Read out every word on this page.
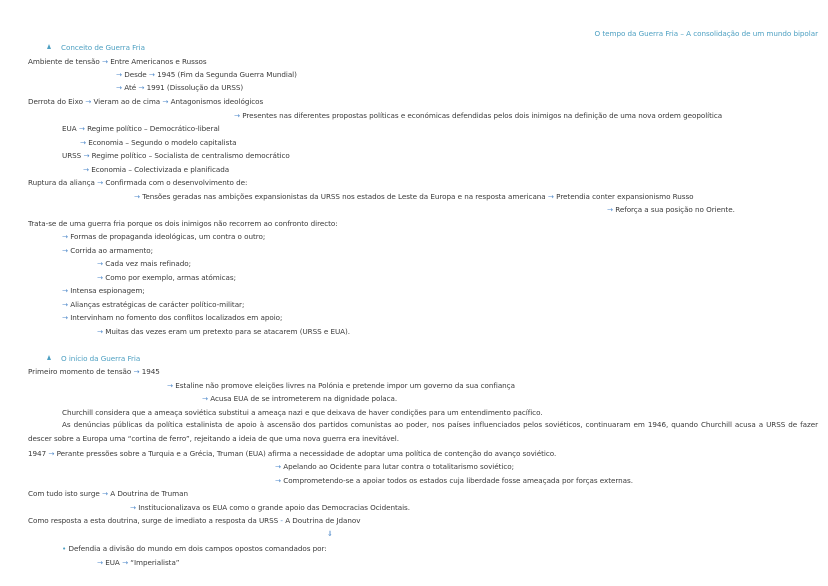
O tempo da Guerra Fria – A consolidação de um mundo bipolar
Conceito de Guerra Fria
Ambiente de tensão → Entre Americanos e Russos
→ Desde → 1945 (Fim da Segunda Guerra Mundial)
→ Até → 1991 (Dissolução da URSS)
Derrota do Eixo → Vieram ao de cima → Antagonismos ideológicos
→ Presentes nas diferentes propostas políticas e económicas defendidas pelos dois inimigos na definição de uma nova ordem geopolítica
EUA → Regime político – Democrático-liberal
→ Economia – Segundo o modelo capitalista
URSS → Regime político – Socialista de centralismo democrático
→ Economia – Colectivizada e planificada
Ruptura da aliança → Confirmada com o desenvolvimento de:
→ Tensões geradas nas ambições expansionistas da URSS nos estados de Leste da Europa e na resposta americana → Pretendia conter expansionismo Russo
→ Reforça a sua posição no Oriente.
Trata-se de uma guerra fria porque os dois inimigos não recorrem ao confronto directo:
→ Formas de propaganda ideológicas, um contra o outro;
→ Corrida ao armamento;
→ Cada vez mais refinado;
→ Como por exemplo, armas atómicas;
→ Intensa espionagem;
→ Alianças estratégicas de carácter político-militar;
→ Intervinham no fomento dos conflitos localizados em apoio;
→ Muitas das vezes eram um pretexto para se atacarem (URSS e EUA).
O início da Guerra Fria
Primeiro momento de tensão → 1945
→ Estaline não promove eleições livres na Polónia e pretende impor um governo da sua confiança
→ Acusa EUA de se intrometerem na dignidade polaca.
Churchill considera que a ameaça soviética substitui a ameaça nazi e que deixava de haver condições para um entendimento pacífico.
As denúncias públicas da política estalinista de apoio à ascensão dos partidos comunistas ao poder, nos países influenciados pelos soviéticos, continuaram em 1946, quando Churchill acusa a URSS de fazer descer sobre a Europa uma “cortina de ferro”, rejeitando a ideia de que uma nova guerra era inevitável.
1947 → Perante pressões sobre a Turquia e a Grécia, Truman (EUA) afirma a necessidade de adoptar uma política de contenção do avanço soviético.
→ Apelando ao Ocidente para lutar contra o totalitarismo soviético;
→ Comprometendo-se a apoiar todos os estados cuja liberdade fosse ameaçada por forças externas.
Com tudo isto surge → A Doutrina de Truman
→ Institucionalizava os EUA como o grande apoio das Democracias Ocidentais.
Como resposta a esta doutrina, surge de imediato a resposta da URSS - A Doutrina de Jdanov
⇓
• Defendia a divisão do mundo em dois campos opostos comandados por:
→ EUA → “Imperialista”
